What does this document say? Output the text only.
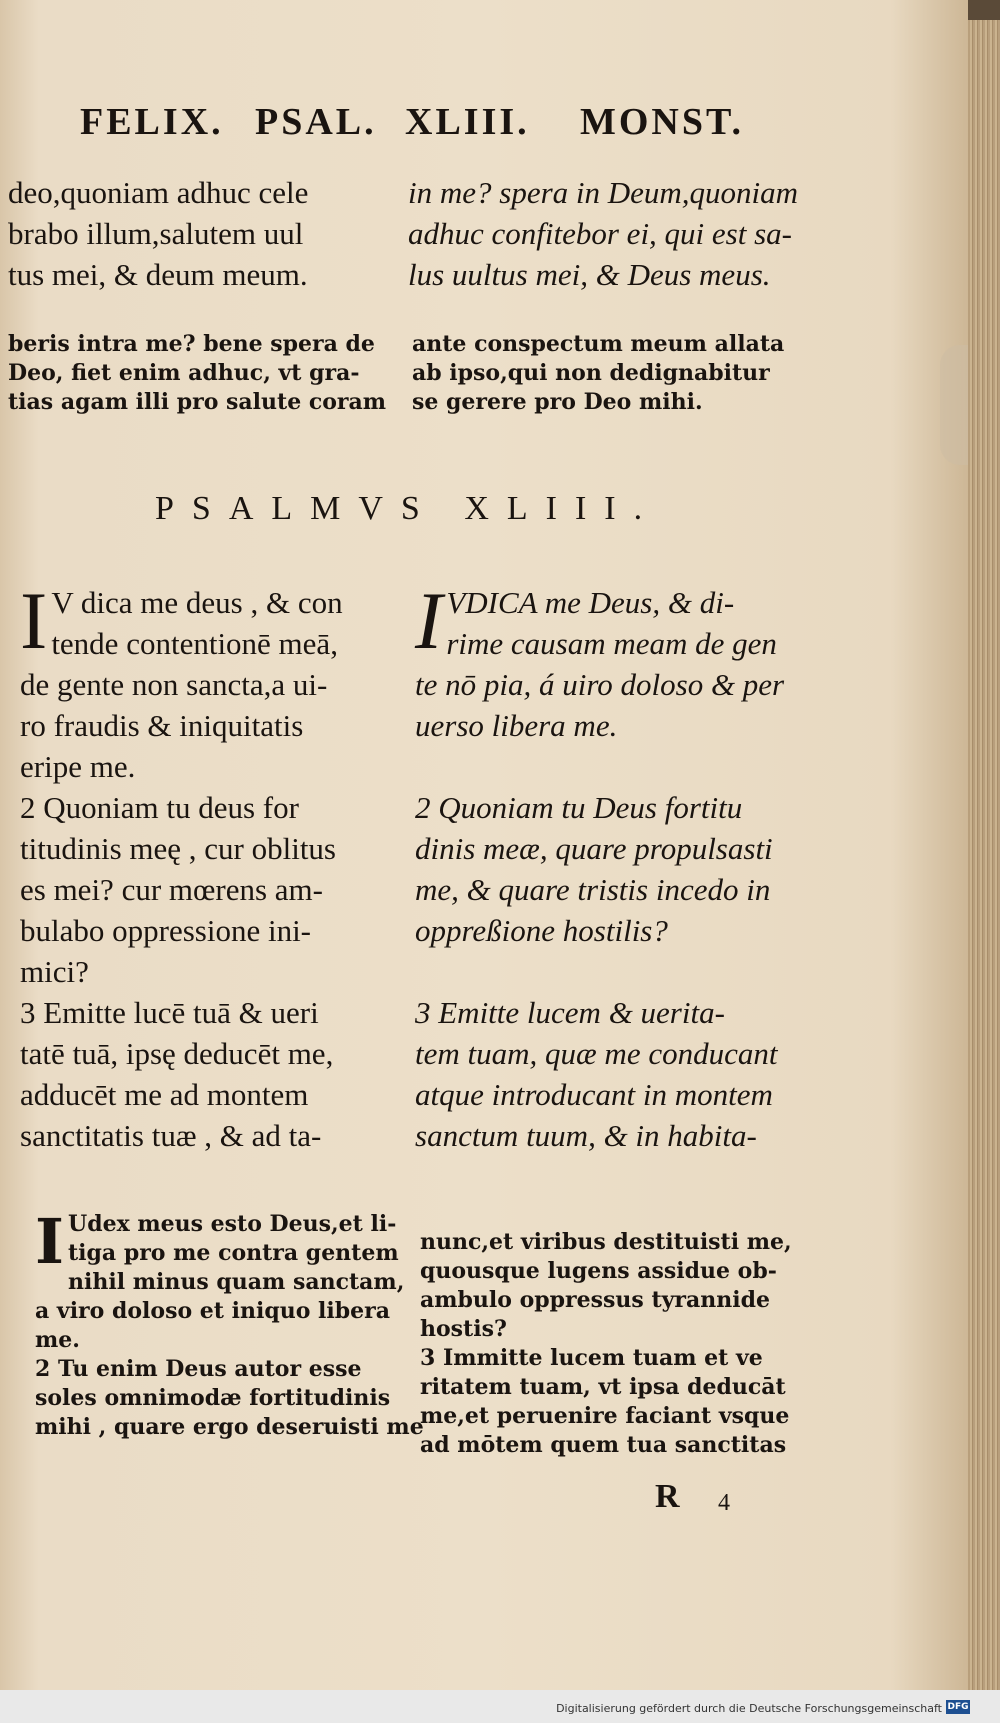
FELIX. PSAL. XLIII. MONST.
deo,quoniam adhuc cele
brabo illum,salutem uul
tus mei, & deum meum.
in me? spera in Deum,quoniam
adhuc confitebor ei, qui est sa-
lus uultus mei, & Deus meus.
beris intra me? bene spera de
Deo, fiet enim adhuc, vt gra-
tias agam illi pro salute coram
ante conspectum meum allata
ab ipso,qui non dedignabitur
se gerere pro Deo mihi.
PSALMVS XLIII.
I V dica me deus , & con
tende contentionē meā,
de gente non sancta,a ui-
ro fraudis & iniquitatis
eripe me.
2 Quoniam tu deus for
titudinis meę , cur oblitus
es mei? cur mœrens am-
bulabo oppressione ini-
mici?
3 Emitte lucē tuā & ueri
tatē tuā, ipsę deducēt me,
adducēt me ad montem
sanctitatis tuæ , & ad ta-
I VDICA me Deus, & di-
rime causam meam de gen
te nō pia, á uiro doloso & per
uerso libera me.

2 Quoniam tu Deus fortitu
dinis meæ, quare propulsasti
me, & quare tristis incedo in
oppreßione hostilis?

3 Emitte lucem & uerita-
tem tuam, quæ me conducant
atque introducant in montem
sanctum tuum, & in habita-
I Udex meus esto Deus,et li-
tiga pro me contra gentem
nihil minus quam sanctam,
a viro doloso et iniquo libera
me.
2 Tu enim Deus autor esse
soles omnimodæ fortitudinis
mihi , quare ergo deseruisti me
nunc,et viribus destituisti me,
quousque lugens assidue ob-
ambulo oppressus tyrannide
hostis?
3 Immitte lucem tuam et ve
ritatem tuam, vt ipsa deducāt
me,et peruenire faciant vsque
ad mōtem quem tua sanctitas
R 4
Digitalisierung gefördert durch die Deutsche Forschungsgemeinschaft DFG
